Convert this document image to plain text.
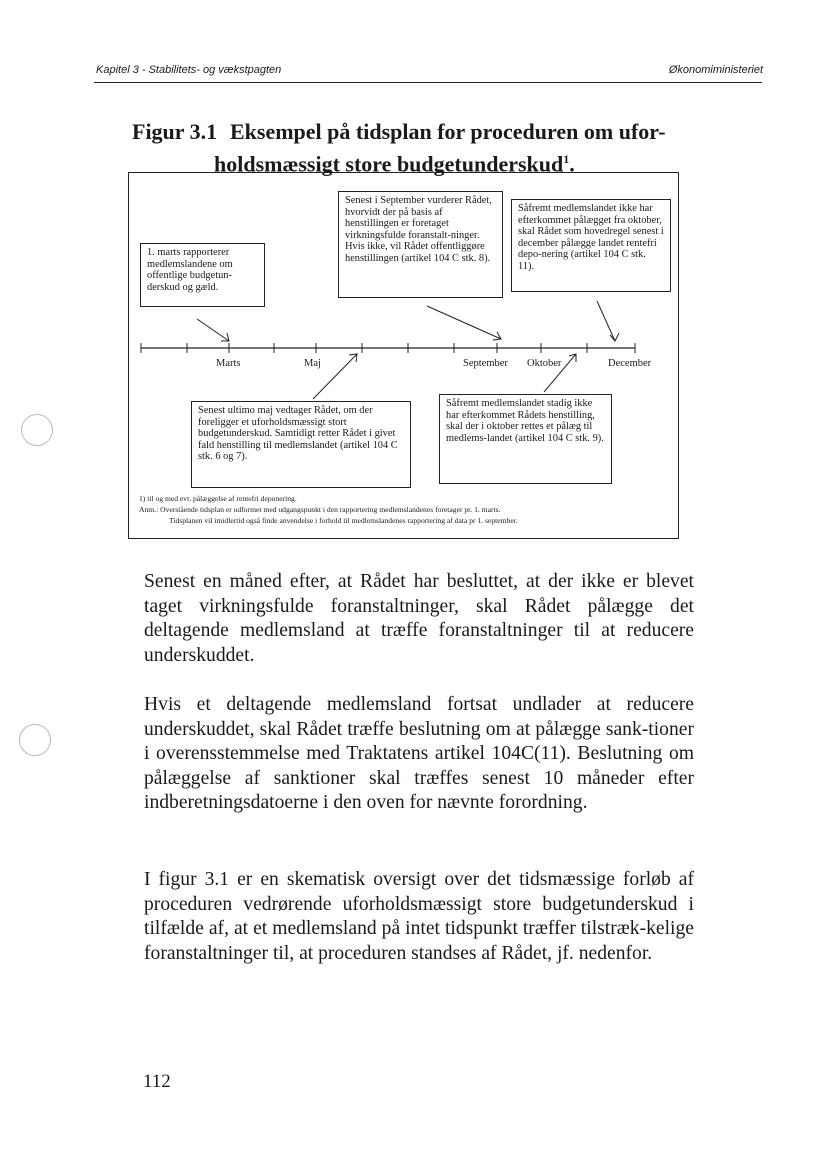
Kapitel 3 - Stabilitets- og vækstpagten	Økonomiministeriet
Figur 3.1 Eksempel på tidsplan for proceduren om ufor-
holdsmæssigt store budgetunderskud$^1$.
1. marts rapporterer medlemslandene om offentlige budgetun-derskud og gæld.
Senest i September vurderer Rådet, hvorvidt der på basis af henstillingen er foretaget virkningsfulde foranstalt-ninger. Hvis ikke, vil Rådet offentliggøre henstillingen (artikel 104 C stk. 8).
Såfremt medlemslandet ikke har efterkommet pålægget fra oktober, skal Rådet som hovedregel senest i december pålægge landet rentefri depo-nering (artikel 104 C stk. 11).
Senest ultimo maj vedtager Rådet, om der foreligger et uforholdsmæssigt stort budgetunderskud. Samtidigt retter Rådet i givet fald henstilling til medlemslandet (artikel 104 C stk. 6 og 7).
Såfremt medlemslandet stadig ikke har efterkommet Rådets henstilling, skal der i oktober rettes et pålæg til medlems-landet (artikel 104 C stk. 9).
Marts	Maj	September Oktober	December
1) til og med evt. pålæggelse af rentefri deponering.
Anm.: Overstående tidsplan er udformet med udgangspunkt i den rapportering medlemslandenes foretager pr. 1. marts.
Tidsplanen vil imidlertid også finde anvendelse i forhold til medlemslandenes rapportering af data pr 1. september.
Senest en måned efter, at Rådet har besluttet, at der ikke er blevet taget virkningsfulde foranstaltninger, skal Rådet pålægge det deltagende medlemsland at træffe foranstaltninger til at reducere underskuddet.
Hvis et deltagende medlemsland fortsat undlader at reducere underskuddet, skal Rådet træffe beslutning om at pålægge sank-tioner i overensstemmelse med Traktatens artikel 104C(11). Beslutning om pålæggelse af sanktioner skal træffes senest 10 måneder efter indberetningsdatoerne i den oven for nævnte forordning.
I figur 3.1 er en skematisk oversigt over det tidsmæssige forløb af proceduren vedrørende uforholdsmæssigt store budgetunderskud i tilfælde af, at et medlemsland på intet tidspunkt træffer tilstræk-kelige foranstaltninger til, at proceduren standses af Rådet, jf. nedenfor.
112
